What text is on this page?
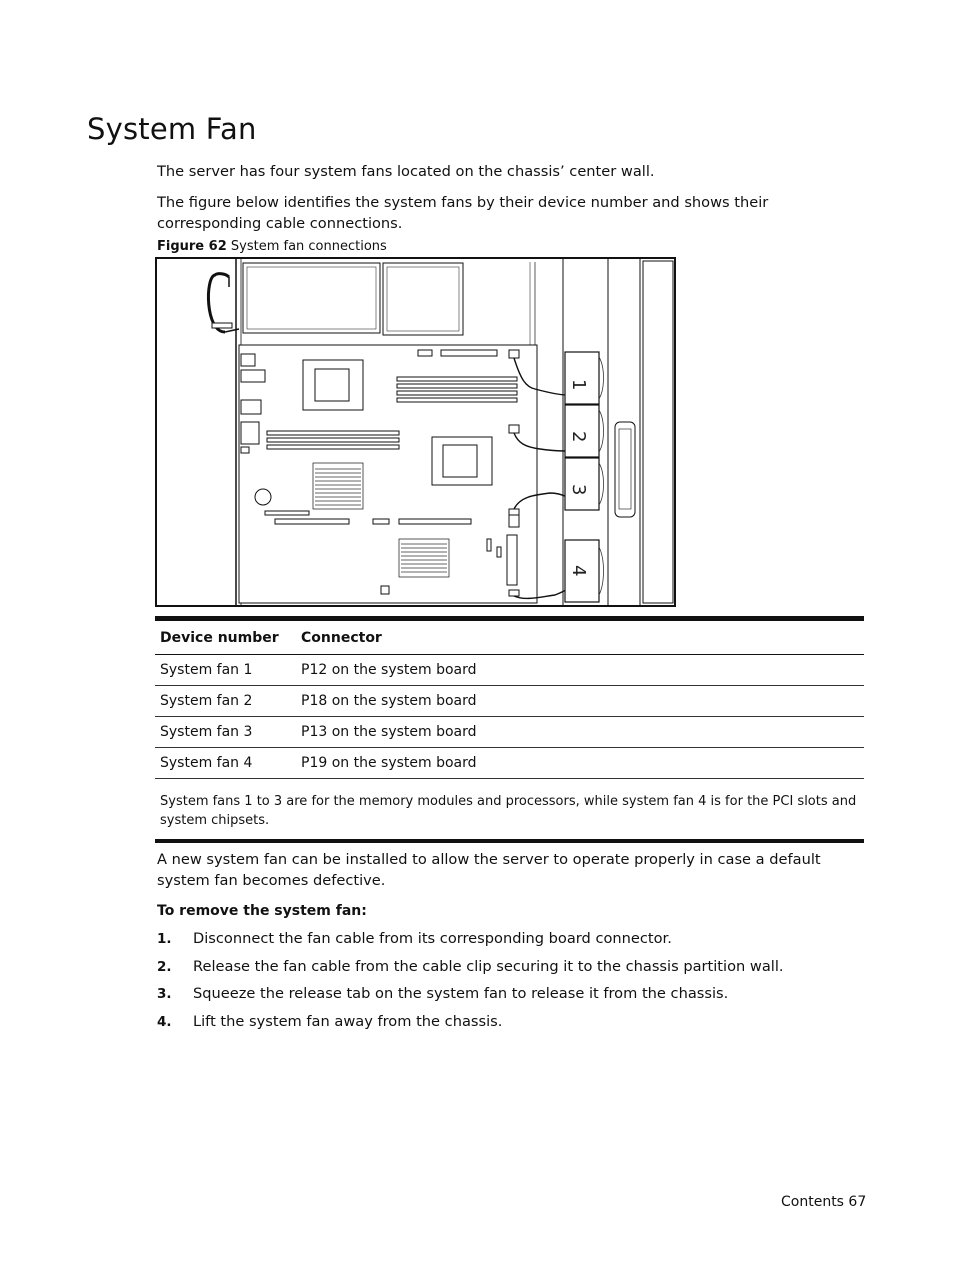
System Fan

The server has four system fans located on the chassis’ center wall.

The figure below identifies the system fans by their device number and shows their corresponding cable connections.

Figure 62 System fan connections
1
2
3
4
Device number	Connector
System fan 1	P12 on the system board
System fan 2	P18 on the system board
System fan 3	P13 on the system board
System fan 4	P19 on the system board
System fans 1 to 3 are for the memory modules and processors, while system fan 4 is for the PCI slots and system chipsets.	

A new system fan can be installed to allow the server to operate properly in case a default system fan becomes defective.

To remove the system fan:

1. Disconnect the fan cable from its corresponding board connector.
2. Release the fan cable from the cable clip securing it to the chassis partition wall.
3. Squeeze the release tab on the system fan to release it from the chassis.
4. Lift the system fan away from the chassis.
Contents 67
